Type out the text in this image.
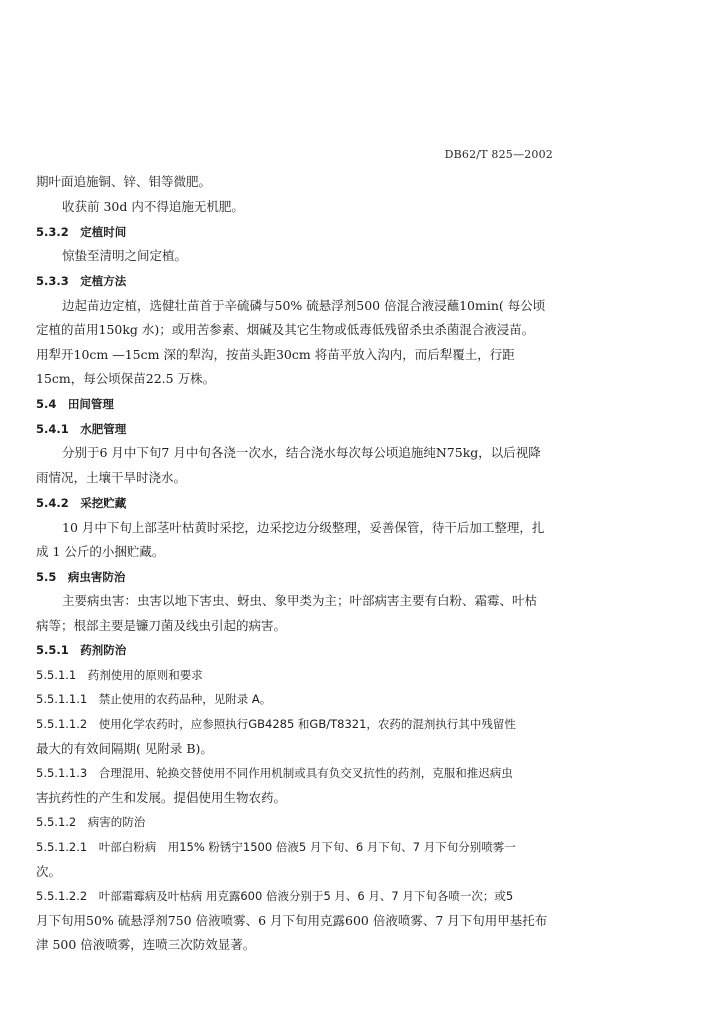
DB62/T 825—2002
期叶面追施铜、锌、钼等微肥。
收获前 30d 内不得追施无机肥。
5.3.2　定植时间
惊蛰至清明之间定植。
5.3.3　定植方法
边起苗边定植，选健壮苗首于辛硫磷与50% 硫悬浮剂500 倍混合液浸蘸10min( 每公顷
定植的苗用150kg 水)；或用苦参素、烟碱及其它生物或低毒低残留杀虫杀菌混合液浸苗。
用犁开10cm —15cm 深的犁沟，按苗头距30cm 将苗平放入沟内，而后犁覆土，行距
15cm，每公顷保苗22.5 万株。
5.4　田间管理
5.4.1　水肥管理
分别于6 月中下旬7 月中旬各浇一次水，结合浇水每次每公顷追施纯N75kg，以后视降
雨情况，土壤干旱时浇水。
5.4.2　采挖贮藏
10 月中下旬上部茎叶枯黄时采挖，边采挖边分级整理，妥善保管，待干后加工整理，扎
成 1 公斤的小捆贮藏。
5.5　病虫害防治
主要病虫害：虫害以地下害虫、蚜虫、象甲类为主；叶部病害主要有白粉、霜霉、叶枯
病等；根部主要是镰刀菌及线虫引起的病害。
5.5.1　药剂防治
5.5.1.1　药剂使用的原则和要求
5.5.1.1.1　禁止使用的农药品种，见附录 A。
5.5.1.1.2　使用化学农药时，应参照执行GB4285 和GB/T8321，农药的混剂执行其中残留性
最大的有效间隔期( 见附录 B)。
5.5.1.1.3　合理混用、轮换交替使用不同作用机制或具有负交叉抗性的药剂，克服和推迟病虫
害抗药性的产生和发展。提倡使用生物农药。
5.5.1.2　病害的防治
5.5.1.2.1　叶部白粉病　用15% 粉锈宁1500 倍液5 月下旬、6 月下旬、7 月下旬分别喷雾一
次。
5.5.1.2.2　叶部霜霉病及叶枯病 用克露600 倍液分别于5 月、6 月、7 月下旬各喷一次；或5
月下旬用50% 硫悬浮剂750 倍液喷雾、6 月下旬用克露600 倍液喷雾、7 月下旬用甲基托布
津 500 倍液喷雾，连喷三次防效显著。
